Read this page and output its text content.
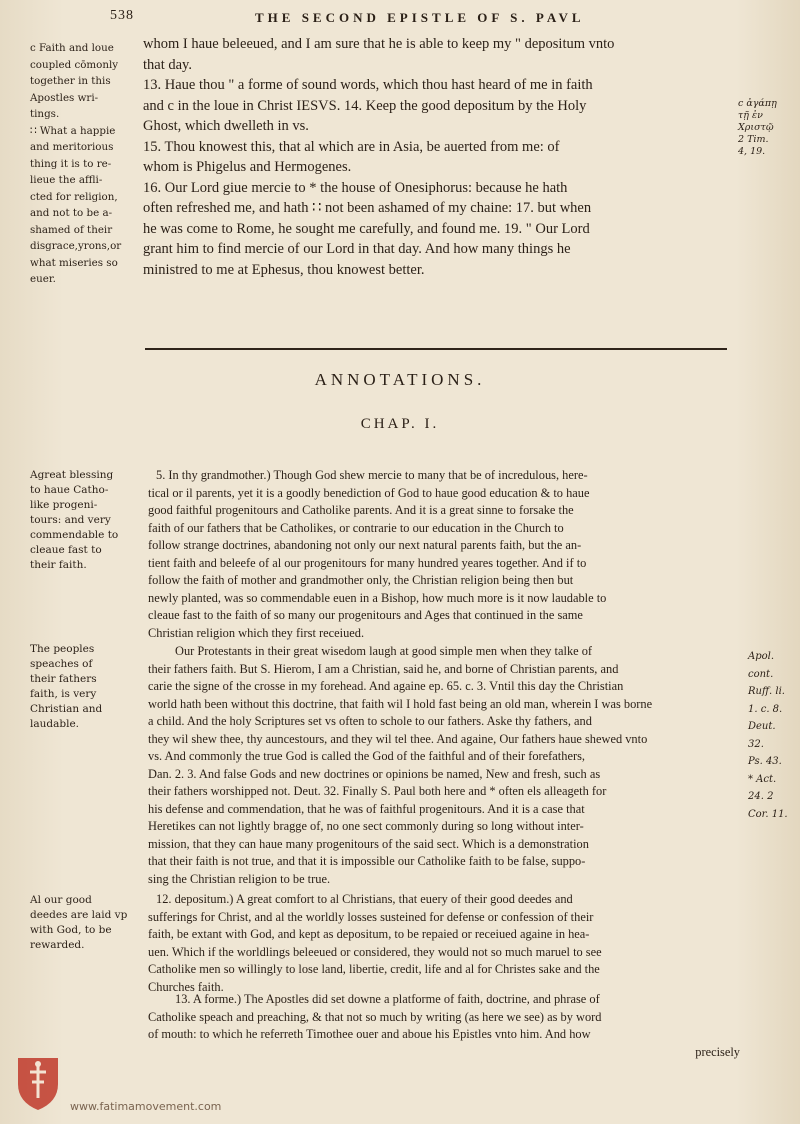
538	THE SECOND EPISTLE OF S. PAVL
c Faith and loue
coupled cōmonly
together in this
Apostles wri-
tings.
∷ What a happie
and meritorious
thing it is to re-
lieue the affli-
cted for religion,
and not to be a-
shamed of their
disgrace,yrons,or
what miseries so
euer.
whom I haue beleeued, and I am sure that he is able to keep my " depositum vnto
that day.
13. Haue thou " a forme of sound words, which thou hast heard of me in faith
and c in the loue in Christ IESVS. 14. Keep the good depositum by the Holy
Ghost, which dwelleth in vs.
15. Thou knowest this, that al which are in Asia, be auerted from me: of
whom is Phigelus and Hermogenes.
16. Our Lord giue mercie to * the house of Onesiphorus: because he hath
often refreshed me, and hath ∷ not been ashamed of my chaine: 17. but when
he was come to Rome, he sought me carefully, and found me. 19. " Our Lord
grant him to find mercie of our Lord in that day. And how many things he
ministred to me at Ephesus, thou knowest better.
c ἀγάπῃ
τῇ ἐν
Χριστῷ
2 Tim.
4, 19.
ANNOTATIONS.
CHAP. I.
Agreat blessing
to haue Catho-
like progeni-
tours: and very
commendable to
cleaue fast to
their faith.
The peoples
speaches of
their fathers
faith, is very
Christian and
laudable.
Al our good
deedes are laid vp
with God, to be
rewarded.
5. In thy grandmother.) Though God shew mercie to many that be of incredulous, here-
tical or il parents, yet it is a goodly benediction of God to haue good education & to haue
good faithful progenitours and Catholike parents. And it is a great sinne to forsake the
faith of our fathers that be Catholikes, or contrarie to our education in the Church to
follow strange doctrines, abandoning not only our next natural parents faith, but the an-
tient faith and beleefe of al our progenitours for many hundred yeares together. And if to
follow the faith of mother and grandmother only, the Christian religion being then but
newly planted, was so commendable euen in a Bishop, how much more is it now laudable to
cleaue fast to the faith of so many our progenitours and Ages that continued in the same
Christian religion which they first receiued.
Our Protestants in their great wisedom laugh at good simple men when they talke of
their fathers faith. But S. Hierom, I am a Christian, said he, and borne of Christian parents, and
carie the signe of the crosse in my forehead. And againe ep. 65. c. 3. Vntil this day the Christian
world hath been without this doctrine, that faith wil I hold fast being an old man, wherein I was borne
a child. And the holy Scriptures set vs often to schole to our fathers. Aske thy fathers, and
they wil shew thee, thy auncestours, and they wil tel thee. And againe, Our fathers haue shewed vnto
vs. And commonly the true God is called the God of the faithful and of their forefathers,
Dan. 2. 3. And false Gods and new doctrines or opinions be named, New and fresh, such as
their fathers worshipped not. Deut. 32. Finally S. Paul both here and * often els alleageth for
his defense and commendation, that he was of faithful progenitours. And it is a case that
Heretikes can not lightly bragge of, no one sect commonly during so long without inter-
mission, that they can haue many progenitours of the said sect. Which is a demonstration
that their faith is not true, and that it is impossible our Catholike faith to be false, suppo-
sing the Christian religion to be true.
12. depositum.) A great comfort to al Christians, that euery of their good deedes and
sufferings for Christ, and al the worldly losses susteined for defense or confession of their
faith, be extant with God, and kept as depositum, to be repaied or receiued againe in hea-
uen. Which if the worldlings beleeued or considered, they would not so much maruel to see
Catholike men so willingly to lose land, libertie, credit, life and al for Christes sake and the
Churches faith.
13. A forme.) The Apostles did set downe a platforme of faith, doctrine, and phrase of
Catholike speach and preaching, & that not so much by writing (as here we see) as by word
of mouth: to which he referreth Timothee ouer and aboue his Epistles vnto him. And how
precisely
Apol.
cont.
Ruff. li.
1. c. 8.
Deut.
32.
Ps. 43.
* Act.
24. 2
Cor. 11.
www.fatimamovement.com
